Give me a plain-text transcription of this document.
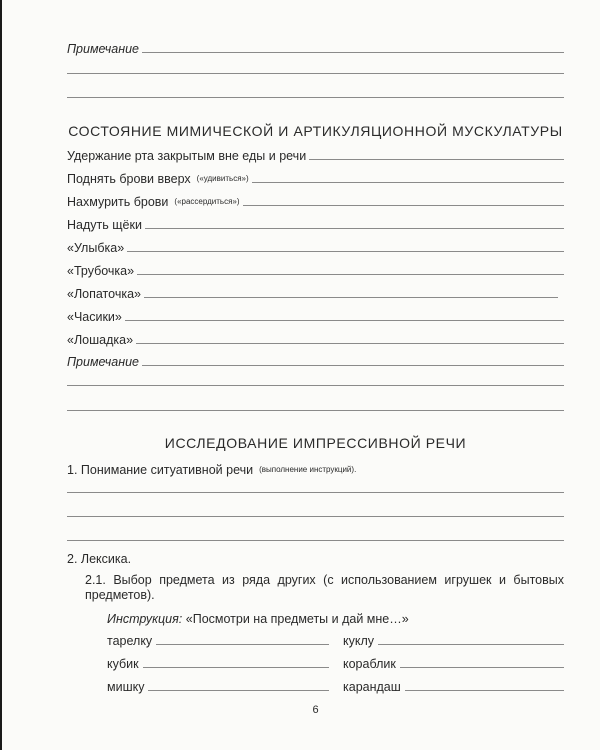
Примечание
СОСТОЯНИЕ МИМИЧЕСКОЙ И АРТИКУЛЯЦИОННОЙ МУСКУЛАТУРЫ
Удержание рта закрытым вне еды и речи
Поднять брови вверх («удивиться»)
Нахмурить брови («рассердиться»)
Надуть щёки
«Улыбка»
«Трубочка»
«Лопаточка»
«Часики»
«Лошадка»
Примечание
ИССЛЕДОВАНИЕ ИМПРЕССИВНОЙ РЕЧИ
1. Понимание ситуативной речи (выполнение инструкций).
2. Лексика.
2.1. Выбор предмета из ряда других (с использованием игрушек и бытовых предметов).
Инструкция: «Посмотри на предметы и дай мне…»
тарелку	куклу
кубик	кораблик
мишку	карандаш
6
